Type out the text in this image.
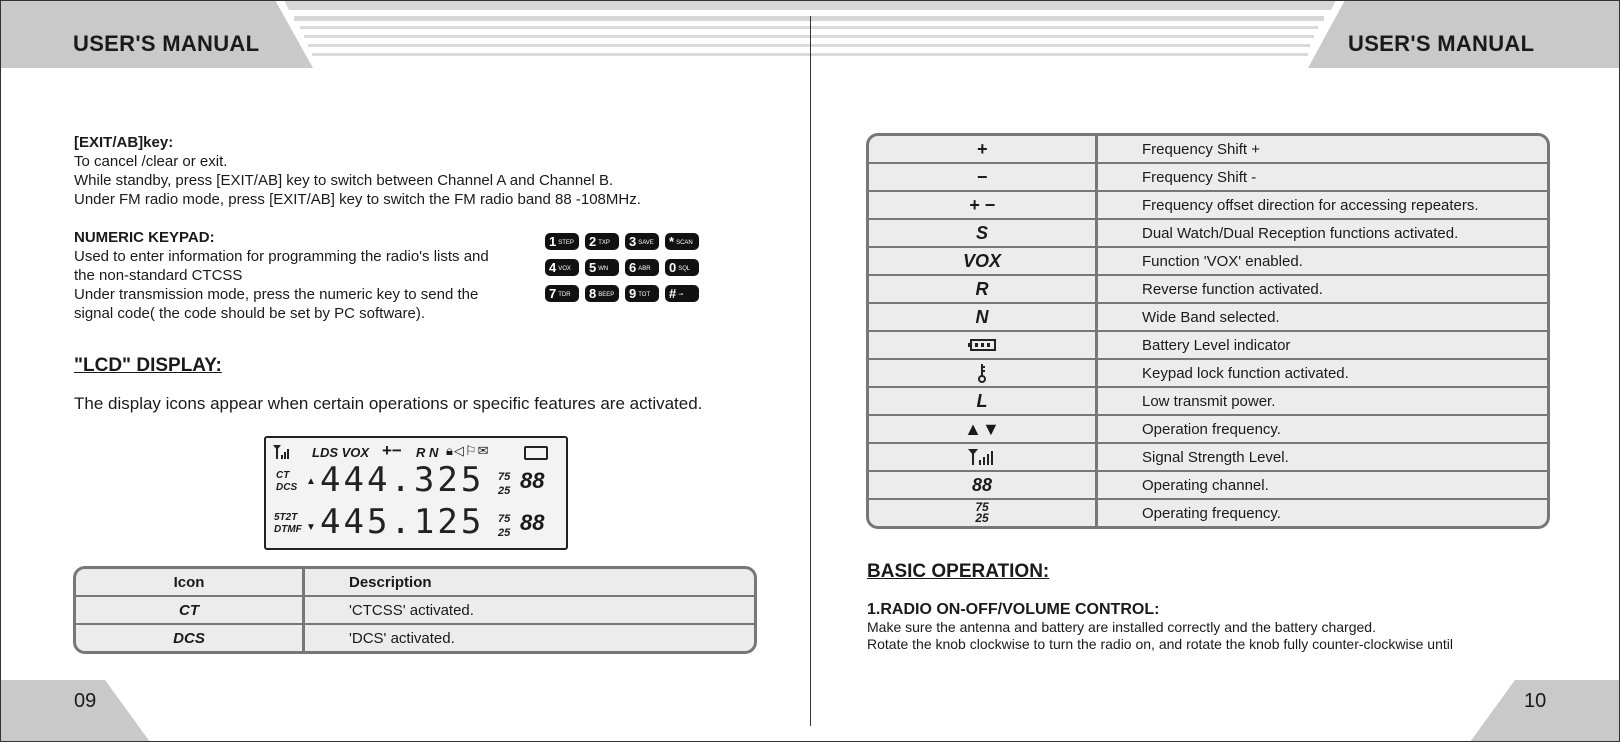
USER'S MANUAL	USER'S MANUAL
[EXIT/AB]key:
To cancel /clear or exit.
While standby, press [EXIT/AB] key to switch between Channel A and Channel B.
Under FM radio mode, press [EXIT/AB] key to switch the FM radio band 88 -108MHz.
NUMERIC KEYPAD:
Used to enter information for programming the radio's lists and
the non-standard CTCSS
Under transmission mode, press the numeric key to send the
signal code( the code should be set by PC software).
1 STEP	2 TXP	3 SAVE	* SCAN
4 VOX	5 WN	6 ABR	0 SQL
7 TDR	8 BEEP	9 TOT	# ⊸
"LCD" DISPLAY:
The display icons appear when certain operations or specific features are activated.
LDS VOX +− R N 🔒︎◁⚐✉
CT
DCS
▲ 444.325 75
25 88
5T2T
DTMF ▼ 445.125 75
25 88
Icon	Description
CT	'CTCSS' activated.
DCS	'DCS' activated.
09
+	Frequency Shift +
−	Frequency Shift -
+ −	Frequency offset direction for accessing repeaters.
S	Dual Watch/Dual Reception functions activated.
VOX	Function 'VOX' enabled.
R	Reverse function activated.
N	Wide Band selected.
	Battery Level indicator
	Keypad lock function activated.
L	Low transmit power.
▲▼	Operation frequency.
	Signal Strength Level.
88	Operating channel.

75
25	Operating frequency.
BASIC OPERATION:
1.RADIO ON-OFF/VOLUME CONTROL:
Make sure the antenna and battery are installed correctly and the battery charged.
Rotate the knob clockwise to turn the radio on, and rotate the knob fully counter-clockwise until
10
